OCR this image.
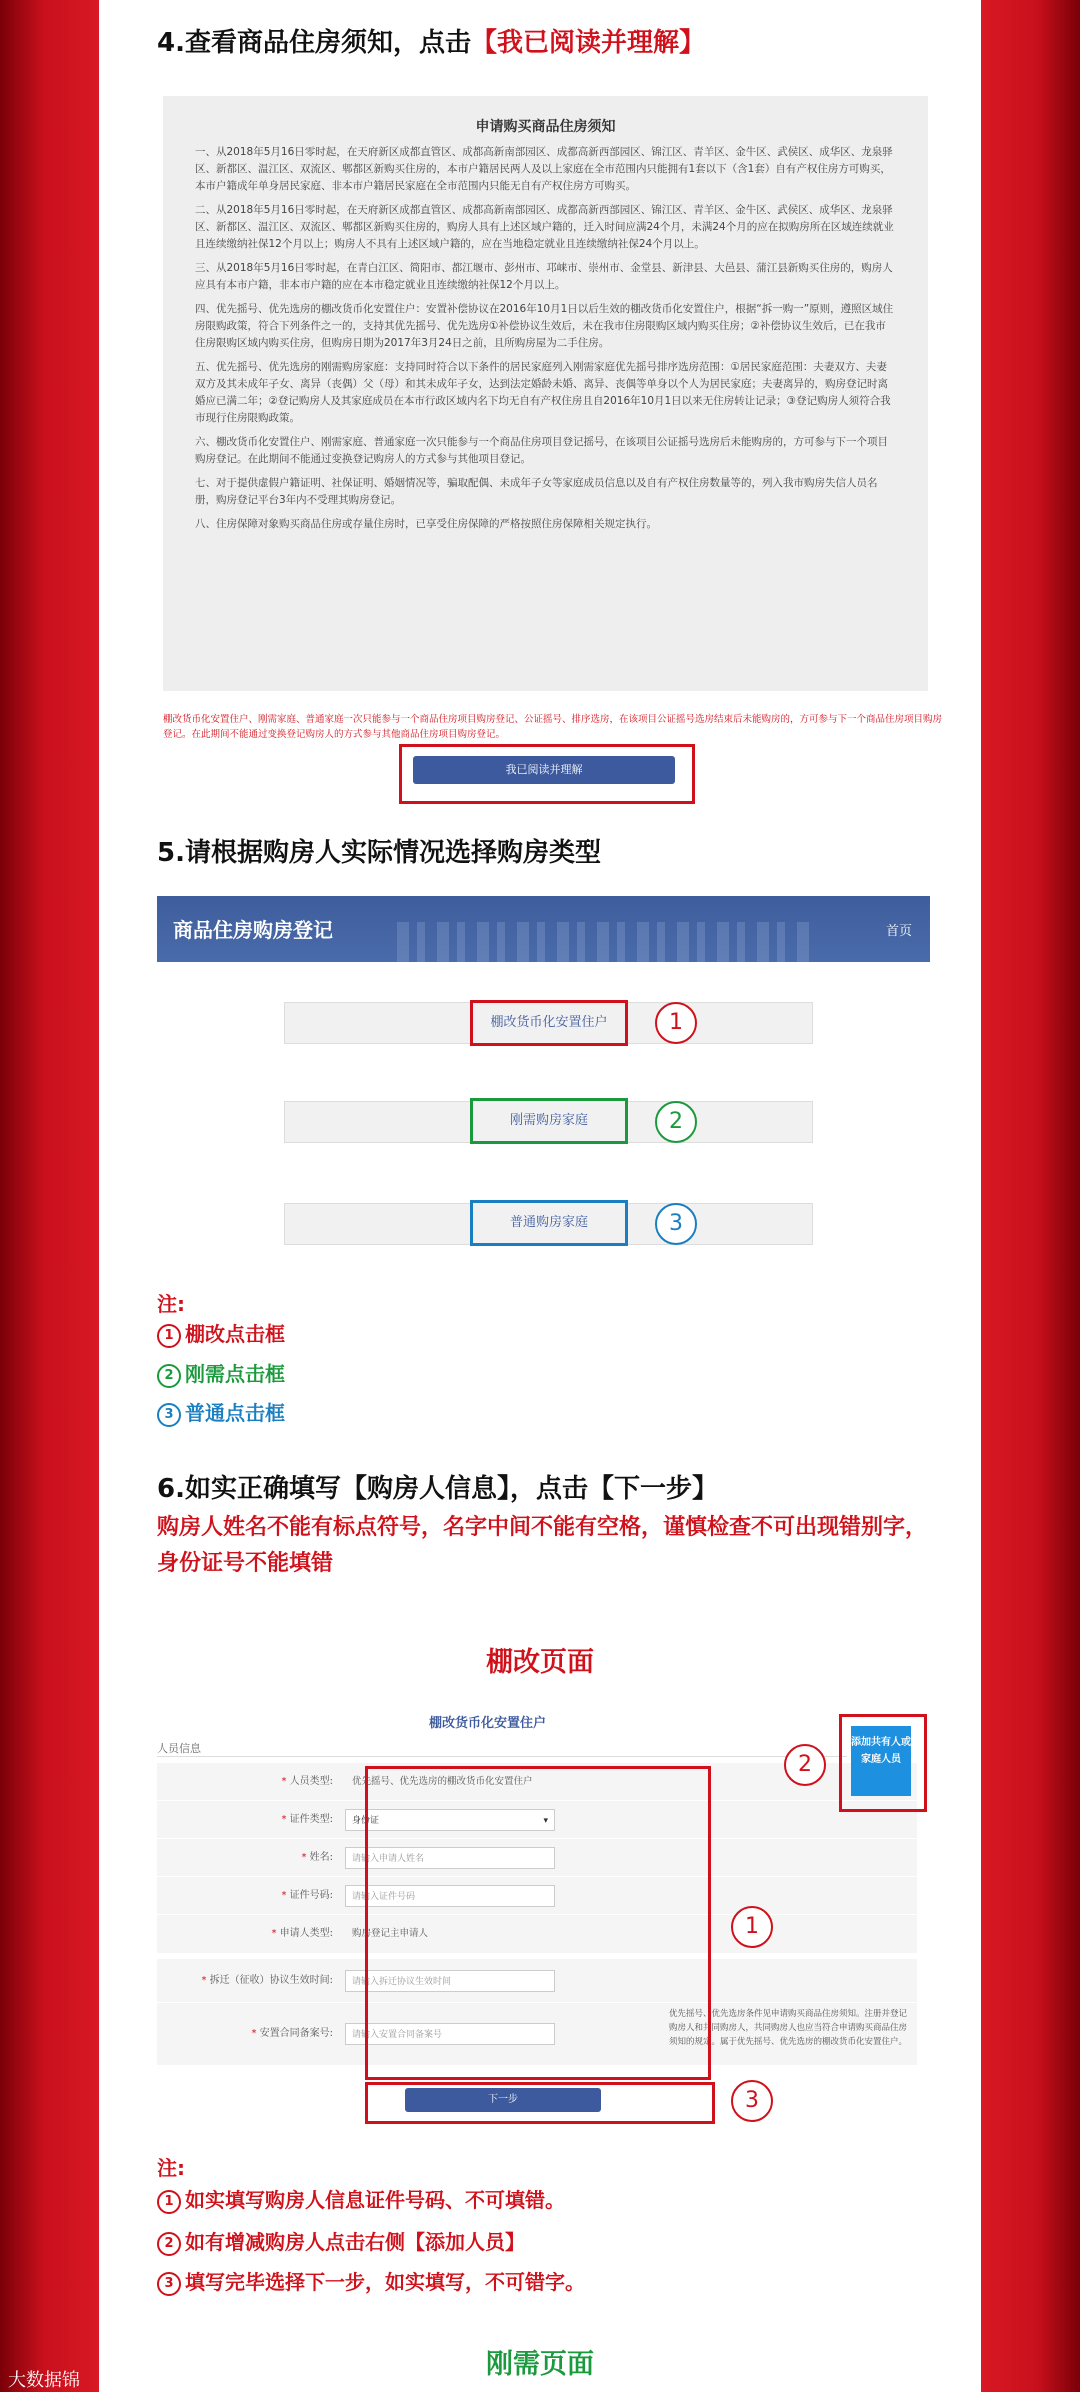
4.查看商品住房须知，点击【我已阅读并理解】
申请购买商品住房须知

一、从2018年5月16日零时起，在天府新区成都直管区、成都高新南部园区、成都高新西部园区、锦江区、青羊区、金牛区、武侯区、成华区、龙泉驿区、新都区、温江区、双流区、郫都区新购买住房的，本市户籍居民两人及以上家庭在全市范围内只能拥有1套以下（含1套）自有产权住房方可购买，本市户籍成年单身居民家庭、非本市户籍居民家庭在全市范围内只能无自有产权住房方可购买。

二、从2018年5月16日零时起，在天府新区成都直管区、成都高新南部园区、成都高新西部园区、锦江区、青羊区、金牛区、武侯区、成华区、龙泉驿区、新都区、温江区、双流区、郫都区新购买住房的，购房人具有上述区域户籍的，迁入时间应满24个月，未满24个月的应在拟购房所在区域连续就业且连续缴纳社保12个月以上；购房人不具有上述区域户籍的，应在当地稳定就业且连续缴纳社保24个月以上。

三、从2018年5月16日零时起，在青白江区、简阳市、都江堰市、彭州市、邛崃市、崇州市、金堂县、新津县、大邑县、蒲江县新购买住房的，购房人应具有本市户籍，非本市户籍的应在本市稳定就业且连续缴纳社保12个月以上。

四、优先摇号、优先选房的棚改货币化安置住户：安置补偿协议在2016年10月1日以后生效的棚改货币化安置住户，根据“拆一购一”原则，遵照区域住房限购政策，符合下列条件之一的，支持其优先摇号、优先选房①补偿协议生效后，未在我市住房限购区域内购买住房；②补偿协议生效后，已在我市住房限购区域内购买住房，但购房日期为2017年3月24日之前，且所购房屋为二手住房。

五、优先摇号、优先选房的刚需购房家庭：支持同时符合以下条件的居民家庭列入刚需家庭优先摇号排序选房范围：①居民家庭范围：夫妻双方、夫妻双方及其未成年子女、离异（丧偶）父（母）和其未成年子女，达到法定婚龄未婚、离异、丧偶等单身以个人为居民家庭；夫妻离异的，购房登记时离婚应已满二年；②登记购房人及其家庭成员在本市行政区域内名下均无自有产权住房且自2016年10月1日以来无住房转让记录；③登记购房人须符合我市现行住房限购政策。

六、棚改货币化安置住户、刚需家庭、普通家庭一次只能参与一个商品住房项目登记摇号，在该项目公证摇号选房后未能购房的，方可参与下一个项目购房登记。在此期间不能通过变换登记购房人的方式参与其他项目登记。

七、对于提供虚假户籍证明、社保证明、婚姻情况等，骗取配偶、未成年子女等家庭成员信息以及自有产权住房数量等的，列入我市购房失信人员名册，购房登记平台3年内不受理其购房登记。

八、住房保障对象购买商品住房或存量住房时，已享受住房保障的严格按照住房保障相关规定执行。

棚改货币化安置住户、刚需家庭、普通家庭一次只能参与一个商品住房项目购房登记、公证摇号、排序选房，在该项目公证摇号选房结束后未能购房的，方可参与下一个商品住房项目购房登记。在此期间不能通过变换登记购房人的方式参与其他商品住房项目购房登记。
我已阅读并理解
5.请根据购房人实际情况选择购房类型
商品住房购房登记	首页
棚改货币化安置住户	1
刚需购房家庭	2
普通购房家庭	3
注:
1 棚改点击框
2 刚需点击框
3 普通点击框
6.如实正确填写【购房人信息】，点击【下一步】
购房人姓名不能有标点符号，名字中间不能有空格，谨慎检查不可出现错别字，身份证号不能填错
棚改页面
棚改货币化安置住户
人员信息
* 人员类型: 优先摇号、优先选房的棚改货币化安置住户
* 证件类型:	身份证	▾
* 姓名:	请输入申请人姓名
* 证件号码:	请输入证件号码
* 申请人类型: 购房登记主申请人
* 拆迁（征收）协议生效时间:	请输入拆迁协议生效时间
* 安置合同备案号:	请输入安置合同备案号
优先摇号、优先选房条件见申请购买商品住房须知。注册并登记购房人和共同购房人，共同购房人也应当符合申请购买商品住房须知的规定。属于优先摇号、优先选房的棚改货币化安置住户。
1
添加共有人或家庭人员
2
下一步	3
注:
1 如实填写购房人信息证件号码、不可填错。
2 如有增减购房人点击右侧【添加人员】
3 填写完毕选择下一步，如实填写，不可错字。
刚需页面
大数据锦
